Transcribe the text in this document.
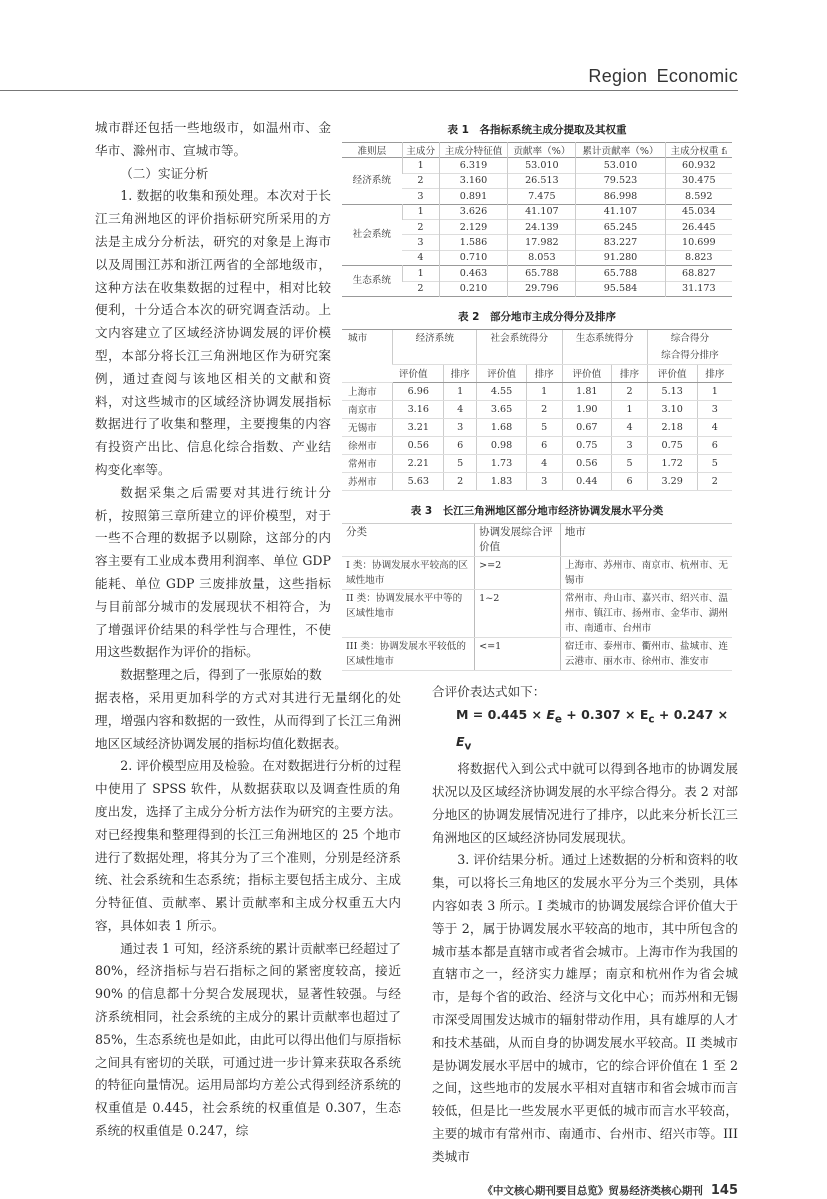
Region Economic

城市群还包括一些地级市，如温州市、金华市、滁州市、宣城市等。

（二）实证分析

1. 数据的收集和预处理。本次对于长江三角洲地区的评价指标研究所采用的方法是主成分分析法，研究的对象是上海市以及周围江苏和浙江两省的全部地级市，这种方法在收集数据的过程中，相对比较便利，十分适合本次的研究调查活动。上文内容建立了区域经济协调发展的评价模型，本部分将长江三角洲地区作为研究案例，通过查阅与该地区相关的文献和资料，对这些城市的区域经济协调发展指标数据进行了收集和整理，主要搜集的内容有投资产出比、信息化综合指数、产业结构变化率等。

数据采集之后需要对其进行统计分析，按照第三章所建立的评价模型，对于一些不合理的数据予以剔除，这部分的内容主要有工业成本费用利润率、单位 GDP 能耗、单位 GDP 三废排放量，这些指标与目前部分城市的发展现状不相符合，为了增强评价结果的科学性与合理性，不使用这些数据作为评价的指标。

数据整理之后，得到了一张原始的数

据表格，采用更加科学的方式对其进行无量纲化的处理，增强内容和数据的一致性，从而得到了长江三角洲地区区域经济协调发展的指标均值化数据表。

2. 评价模型应用及检验。在对数据进行分析的过程中使用了 SPSS 软件，从数据获取以及调查性质的角度出发，选择了主成分分析方法作为研究的主要方法。对已经搜集和整理得到的长江三角洲地区的 25 个地市进行了数据处理，将其分为了三个准则，分别是经济系统、社会系统和生态系统；指标主要包括主成分、主成分特征值、贡献率、累计贡献率和主成分权重五大内容，具体如表 1 所示。

通过表 1 可知，经济系统的累计贡献率已经超过了 80%，经济指标与岩石指标之间的紧密度较高，接近 90% 的信息都十分契合发展现状，显著性较强。与经济系统相同，社会系统的主成分的累计贡献率也超过了 85%，生态系统也是如此，由此可以得出他们与原指标之间具有密切的关联，可通过进一步计算来获取各系统的特征向量情况。运用局部均方差公式得到经济系统的权重值是 0.445，社会系统的权重值是 0.307，生态系统的权重值是 0.247，综

表 1　各指标系统主成分提取及其权重
准则层	主成分	主成分特征值	贡献率（%）	累计贡献率（%）	主成分权重 fᵢ
经济系统	1	6.319	53.010	53.010	60.932
	2	3.160	26.513	79.523	30.475
	3	0.891	7.475	86.998	8.592
社会系统	1	3.626	41.107	41.107	45.034
	2	2.129	24.139	65.245	26.445
	3	1.586	17.982	83.227	10.699
	4	0.710	8.053	91.280	8.823
生态系统	1	0.463	65.788	65.788	68.827
	2	0.210	29.796	95.584	31.173
表 2　部分地市主成分得分及排序
城市	经济系统		社会系统得分		生态系统得分		综合得分
综合得分排序	

	评价值	排序	评价值	排序	评价值	排序	评价值	排序
上海市	6.96	1	4.55	1	1.81	2	5.13	1
南京市	3.16	4	3.65	2	1.90	1	3.10	3
无锡市	3.21	3	1.68	5	0.67	4	2.18	4
徐州市	0.56	6	0.98	6	0.75	3	0.75	6
常州市	2.21	5	1.73	4	0.56	5	1.72	5
苏州市	5.63	2	1.83	3	0.44	6	3.29	2
表 3　长江三角洲地区部分地市经济协调发展水平分类
分类	协调发展综合评价值	地市
I 类：协调发展水平较高的区域性地市	>=2	上海市、苏州市、南京市、杭州市、无锡市
II 类：协调发展水平中等的区域性地市	1~2	常州市、舟山市、嘉兴市、绍兴市、温州市、镇江市、扬州市、金华市、湖州市、南通市、台州市
III 类：协调发展水平较低的区域性地市	<=1	宿迁市、泰州市、衢州市、盐城市、连云港市、丽水市、徐州市、淮安市

合评价表达式如下：

$M = 0.445 \times E_e + 0.307 \times E_c + 0.247 \times E_v$

将数据代入到公式中就可以得到各地市的协调发展状况以及区域经济协调发展的水平综合得分。表 2 对部分地区的协调发展情况进行了排序，以此来分析长江三角洲地区的区域经济协同发展现状。

3. 评价结果分析。通过上述数据的分析和资料的收集，可以将长三角地区的发展水平分为三个类别，具体内容如表 3 所示。I 类城市的协调发展综合评价值大于等于 2，属于协调发展水平较高的地市，其中所包含的城市基本都是直辖市或者省会城市。上海市作为我国的直辖市之一，经济实力雄厚；南京和杭州作为省会城市，是每个省的政治、经济与文化中心；而苏州和无锡市深受周围发达城市的辐射带动作用，具有雄厚的人才和技术基础，从而自身的协调发展水平较高。II 类城市是协调发展水平居中的城市，它的综合评价值在 1 至 2 之间，这些地市的发展水平相对直辖市和省会城市而言较低，但是比一些发展水平更低的城市而言水平较高，主要的城市有常州市、南通市、台州市、绍兴市等。III 类城市

《中文核心期刊要目总览》贸易经济类核心期刊 145
